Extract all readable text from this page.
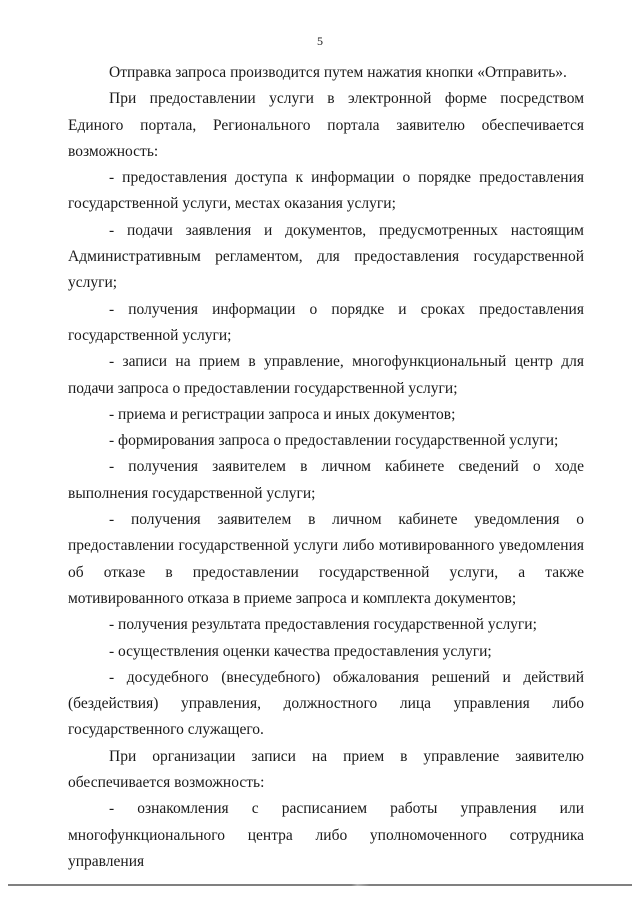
5

Отправка запроса производится путем нажатия кнопки «Отправить».

При предоставлении услуги в электронной форме посредством Единого портала, Регионального портала заявителю обеспечивается возможность:

- предоставления доступа к информации о порядке предоставления государственной услуги, местах оказания услуги;

- подачи заявления и документов, предусмотренных настоящим Административным регламентом, для предоставления государственной услуги;

- получения информации о порядке и сроках предоставления государственной услуги;

- записи на прием в управление, многофункциональный центр для подачи запроса о предоставлении государственной услуги;

- приема и регистрации запроса и иных документов;

- формирования запроса о предоставлении государственной услуги;

- получения заявителем в личном кабинете сведений о ходе выполнения государственной услуги;

- получения заявителем в личном кабинете уведомления о предоставлении государственной услуги либо мотивированного уведомления об отказе в предоставлении государственной услуги, а также мотивированного отказа в приеме запроса и комплекта документов;

- получения результата предоставления государственной услуги;

- осуществления оценки качества предоставления услуги;

- досудебного (внесудебного) обжалования решений и действий (бездействия) управления, должностного лица управления либо государственного служащего.

При организации записи на прием в управление заявителю обеспечивается возможность:

- ознакомления с расписанием работы управления или многофункционального центра либо уполномоченного сотрудника управления
